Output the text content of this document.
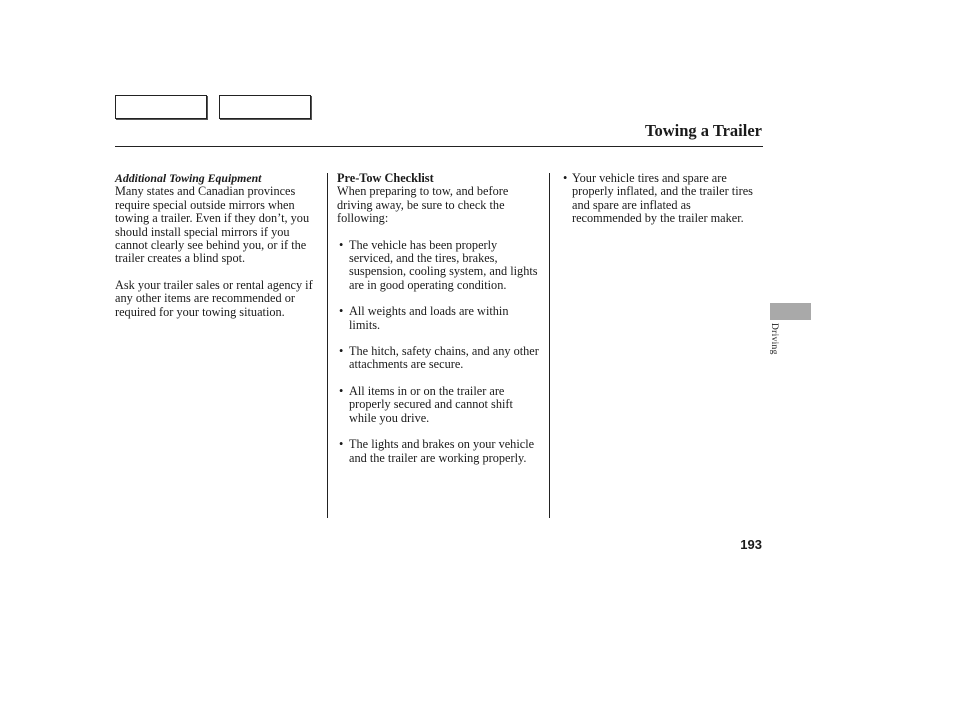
Towing a Trailer
Additional Towing Equipment

Many states and Canadian provinces require special outside mirrors when towing a trailer. Even if they don’t, you should install special mirrors if you cannot clearly see behind you, or if the trailer creates a blind spot.

Ask your trailer sales or rental agency if any other items are recommended or required for your towing situation.

Pre-Tow Checklist
When preparing to tow, and before driving away, be sure to check the following:
• The vehicle has been properly serviced, and the tires, brakes, suspension, cooling system, and lights are in good operating condition.
• All weights and loads are within limits.
• The hitch, safety chains, and any other attachments are secure.
• All items in or on the trailer are properly secured and cannot shift while you drive.
• The lights and brakes on your vehicle and the trailer are working properly.
• Your vehicle tires and spare are properly inflated, and the trailer tires and spare are inflated as recommended by the trailer maker.
Driving
193
